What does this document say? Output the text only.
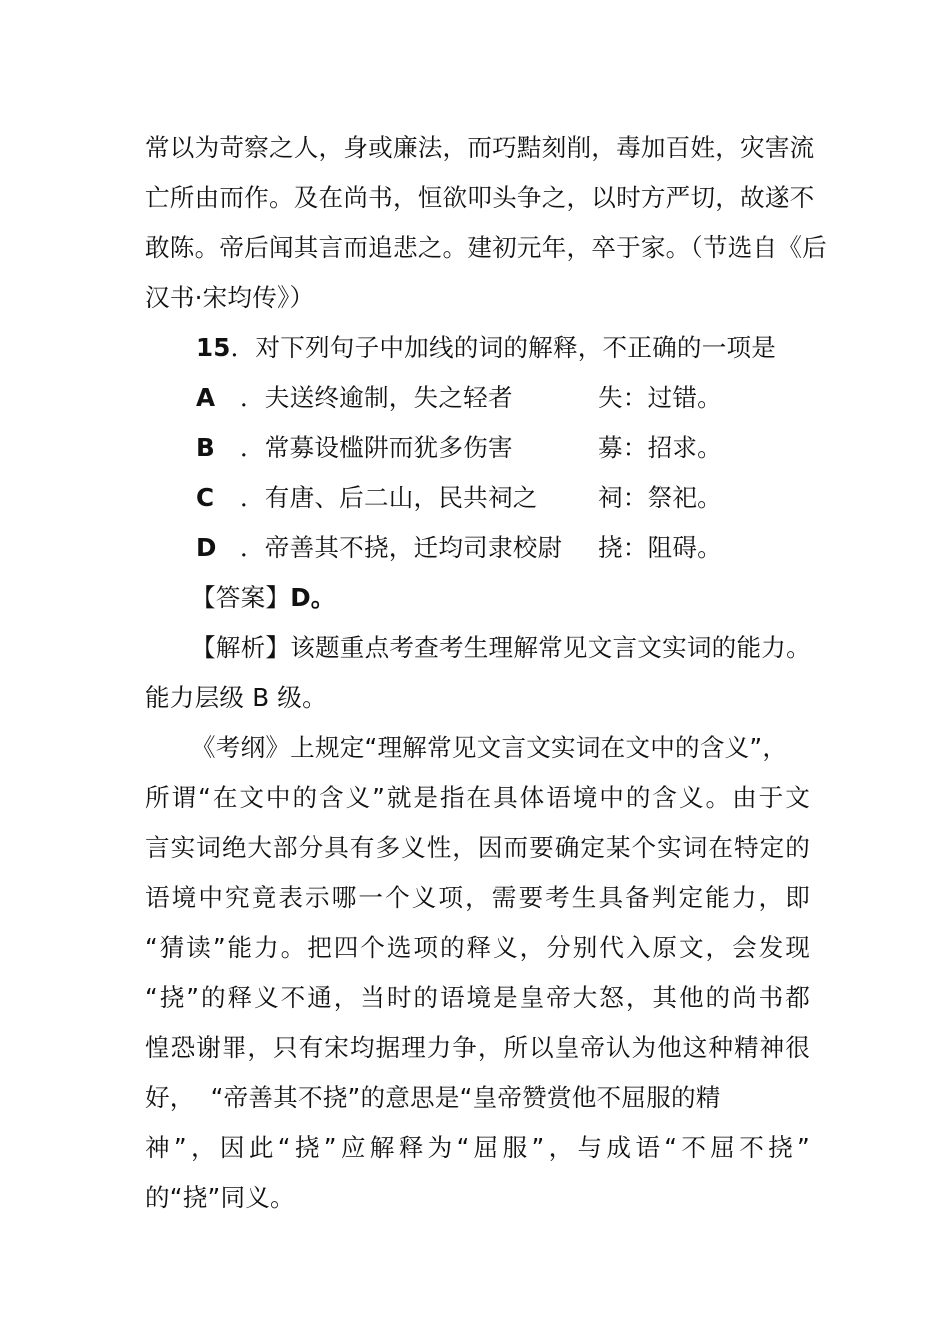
常以为苛察之人，身或廉法，而巧黠刻削，毒加百姓，灾害流
亡所由而作。及在尚书，恒欲叩头争之，以时方严切，故遂不
敢陈。帝后闻其言而追悲之。建初元年，卒于家。（节选自《后
汉书·宋均传》）
15．对下列句子中加线的词的解释，不正确的一项是
A ．夫送终逾制，失之轻者	失：过错。
B ．常募设槛阱而犹多伤害	募：招求。
C ．有唐、后二山，民共祠之 祠：祭祀。
D ．帝善其不挠，迁均司隶校尉 挠：阻碍。
【答案】D。
【解析】该题重点考查考生理解常见文言文实词的能力。
能力层级 B 级。
《考纲》上规定“理解常见文言文实词在文中的含义”，
所谓“在文中的含义”就是指在具体语境中的含义。由于文
言实词绝大部分具有多义性，因而要确定某个实词在特定的
语境中究竟表示哪一个义项，需要考生具备判定能力，即
“猜读”能力。把四个选项的释义，分别代入原文，会发现
“挠”的释义不通，当时的语境是皇帝大怒，其他的尚书都
惶恐谢罪，只有宋均据理力争，所以皇帝认为他这种精神很
好，  “帝善其不挠”的意思是“皇帝赞赏他不屈服的精
神”，因此“挠”应解释为“屈服”，与成语“不屈不挠”
的“挠”同义。
